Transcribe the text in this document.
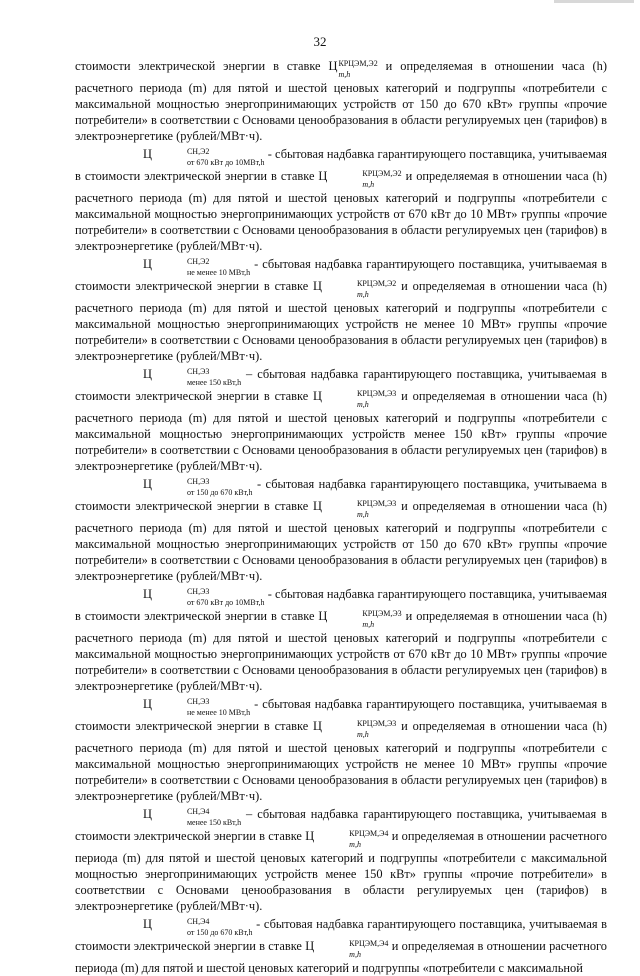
32

стоимости электрической энергии в ставке Ц КРЦЭМ,Э2
m,h
и определяемая в отношении часа (h) расчетного периода (m) для пятой и шестой ценовых категорий и подгруппы «потребители с максимальной мощностью энергопринимающих устройств от 150 до 670 кВт» группы «прочие потребители» в соответствии с Основами ценообразования в области регулируемых цен (тарифов) в электроэнергетике (рублей/МВт·ч).

Ц	СН,Э2
от 670 кВт до 10МВт,h
- сбытовая надбавка гарантирующего поставщика, учитываемая в стоимости электрической энергии в ставке Ц	КРЦЭМ,Э2
m,h
и определяемая в отношении часа (h) расчетного периода (m) для пятой и шестой ценовых категорий и подгруппы «потребители с максимальной мощностью энергопринимающих устройств от 670 кВт до 10 МВт» группы «прочие потребители» в соответствии с Основами ценообразования в области регулируемых цен (тарифов) в электроэнергетике (рублей/МВт·ч).

Ц	СН,Э2
не менее 10 МВт,h
- сбытовая надбавка гарантирующего поставщика, учитываемая в стоимости электрической энергии в ставке Ц	КРЦЭМ,Э2
m,h
и определяемая в отношении часа (h) расчетного периода (m) для пятой и шестой ценовых категорий и подгруппы «потребители с максимальной мощностью энергопринимающих устройств не менее 10 МВт» группы «прочие потребители» в соответствии с Основами ценообразования в области регулируемых цен (тарифов) в электроэнергетике (рублей/МВт·ч).

Ц	СН,Э3
менее 150 кВт,h
– сбытовая надбавка гарантирующего поставщика, учитываемая в стоимости электрической энергии в ставке Ц	КРЦЭМ,Э3
m,h
и определяемая в отношении часа (h) расчетного периода (m) для пятой и шестой ценовых категорий и подгруппы «потребители с максимальной мощностью энергопринимающих устройств менее 150 кВт» группы «прочие потребители» в соответствии с Основами ценообразования в области регулируемых цен (тарифов) в электроэнергетике (рублей/МВт·ч).

Ц	СН,Э3
от 150 до 670 кВт,h
- сбытовая надбавка гарантирующего поставщика, учитываема в стоимости электрической энергии в ставке Ц	КРЦЭМ,Э3
m,h
и определяемая в отношении часа (h) расчетного периода (m) для пятой и шестой ценовых категорий и подгруппы «потребители с максимальной мощностью энергопринимающих устройств от 150 до 670 кВт» группы «прочие потребители» в соответствии с Основами ценообразования в области регулируемых цен (тарифов) в электроэнергетике (рублей/МВт·ч).

Ц	СН,Э3
от 670 кВт до 10МВт,h
- сбытовая надбавка гарантирующего поставщика, учитываемая в стоимости электрической энергии в ставке Ц	КРЦЭМ,Э3
m,h
и определяемая в отношении часа (h) расчетного периода (m) для пятой и шестой ценовых категорий и подгруппы «потребители с максимальной мощностью энергопринимающих устройств от 670 кВт до 10 МВт» группы «прочие потребители» в соответствии с Основами ценообразования в области регулируемых цен (тарифов) в электроэнергетике (рублей/МВт·ч).

Ц	СН,Э3
не менее 10 МВт,h
- сбытовая надбавка гарантирующего поставщика, учитываемая в стоимости электрической энергии в ставке Ц	КРЦЭМ,Э3
m,h
и определяемая в отношении часа (h) расчетного периода (m) для пятой и шестой ценовых категорий и подгруппы «потребители с максимальной мощностью энергопринимающих устройств не менее 10 МВт» группы «прочие потребители» в соответствии с Основами ценообразования в области регулируемых цен (тарифов) в электроэнергетике (рублей/МВт·ч).

Ц	СН,Э4
менее 150 кВт,h
– сбытовая надбавка гарантирующего поставщика, учитываемая в стоимости электрической энергии в ставке Ц	КРЦЭМ,Э4
m,h
и определяемая в отношении расчетного периода (m) для пятой и шестой ценовых категорий и подгруппы «потребители с максимальной мощностью энергопринимающих устройств менее 150 кВт» группы «прочие потребители» в соответствии с Основами ценообразования в области регулируемых цен (тарифов) в электроэнергетике (рублей/МВт·ч).

Ц	СН,Э4
от 150 до 670 кВт,h
- сбытовая надбавка гарантирующего поставщика, учитываемая в стоимости электрической энергии в ставке Ц	КРЦЭМ,Э4
m,h
и определяемая в отношении расчетного периода (m) для пятой и шестой ценовых категорий и подгруппы «потребители с максимальной
